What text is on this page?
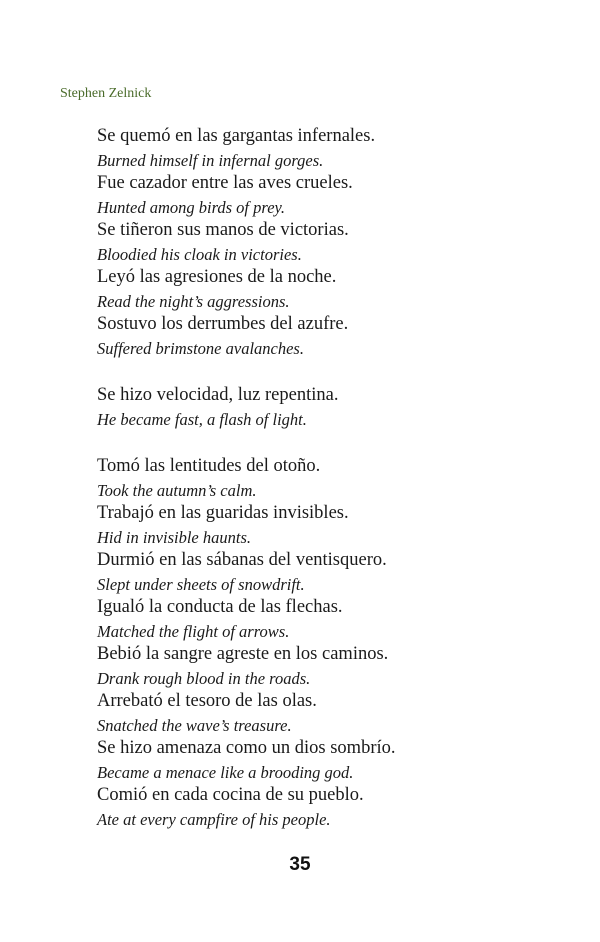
Stephen Zelnick

Se quemó en las gargantas infernales.

Burned himself in infernal gorges.

Fue cazador entre las aves crueles.

Hunted among birds of prey.

Se tiñeron sus manos de victorias.

Bloodied his cloak in victories.

Leyó las agresiones de la noche.

Read the night’s aggressions.

Sostuvo los derrumbes del azufre.

Suffered brimstone avalanches.

Se hizo velocidad, luz repentina.

He became fast, a flash of light.

Tomó las lentitudes del otoño.

Took the autumn’s calm.

Trabajó en las guaridas invisibles.

Hid in invisible haunts.

Durmió en las sábanas del ventisquero.

Slept under sheets of snowdrift.

Igualó la conducta de las flechas.

Matched the flight of arrows.

Bebió la sangre agreste en los caminos.

Drank rough blood in the roads.

Arrebató el tesoro de las olas.

Snatched the wave’s treasure.

Se hizo amenaza como un dios sombrío.

Became a menace like a brooding god.

Comió en cada cocina de su pueblo.

Ate at every campfire of his people.

35
